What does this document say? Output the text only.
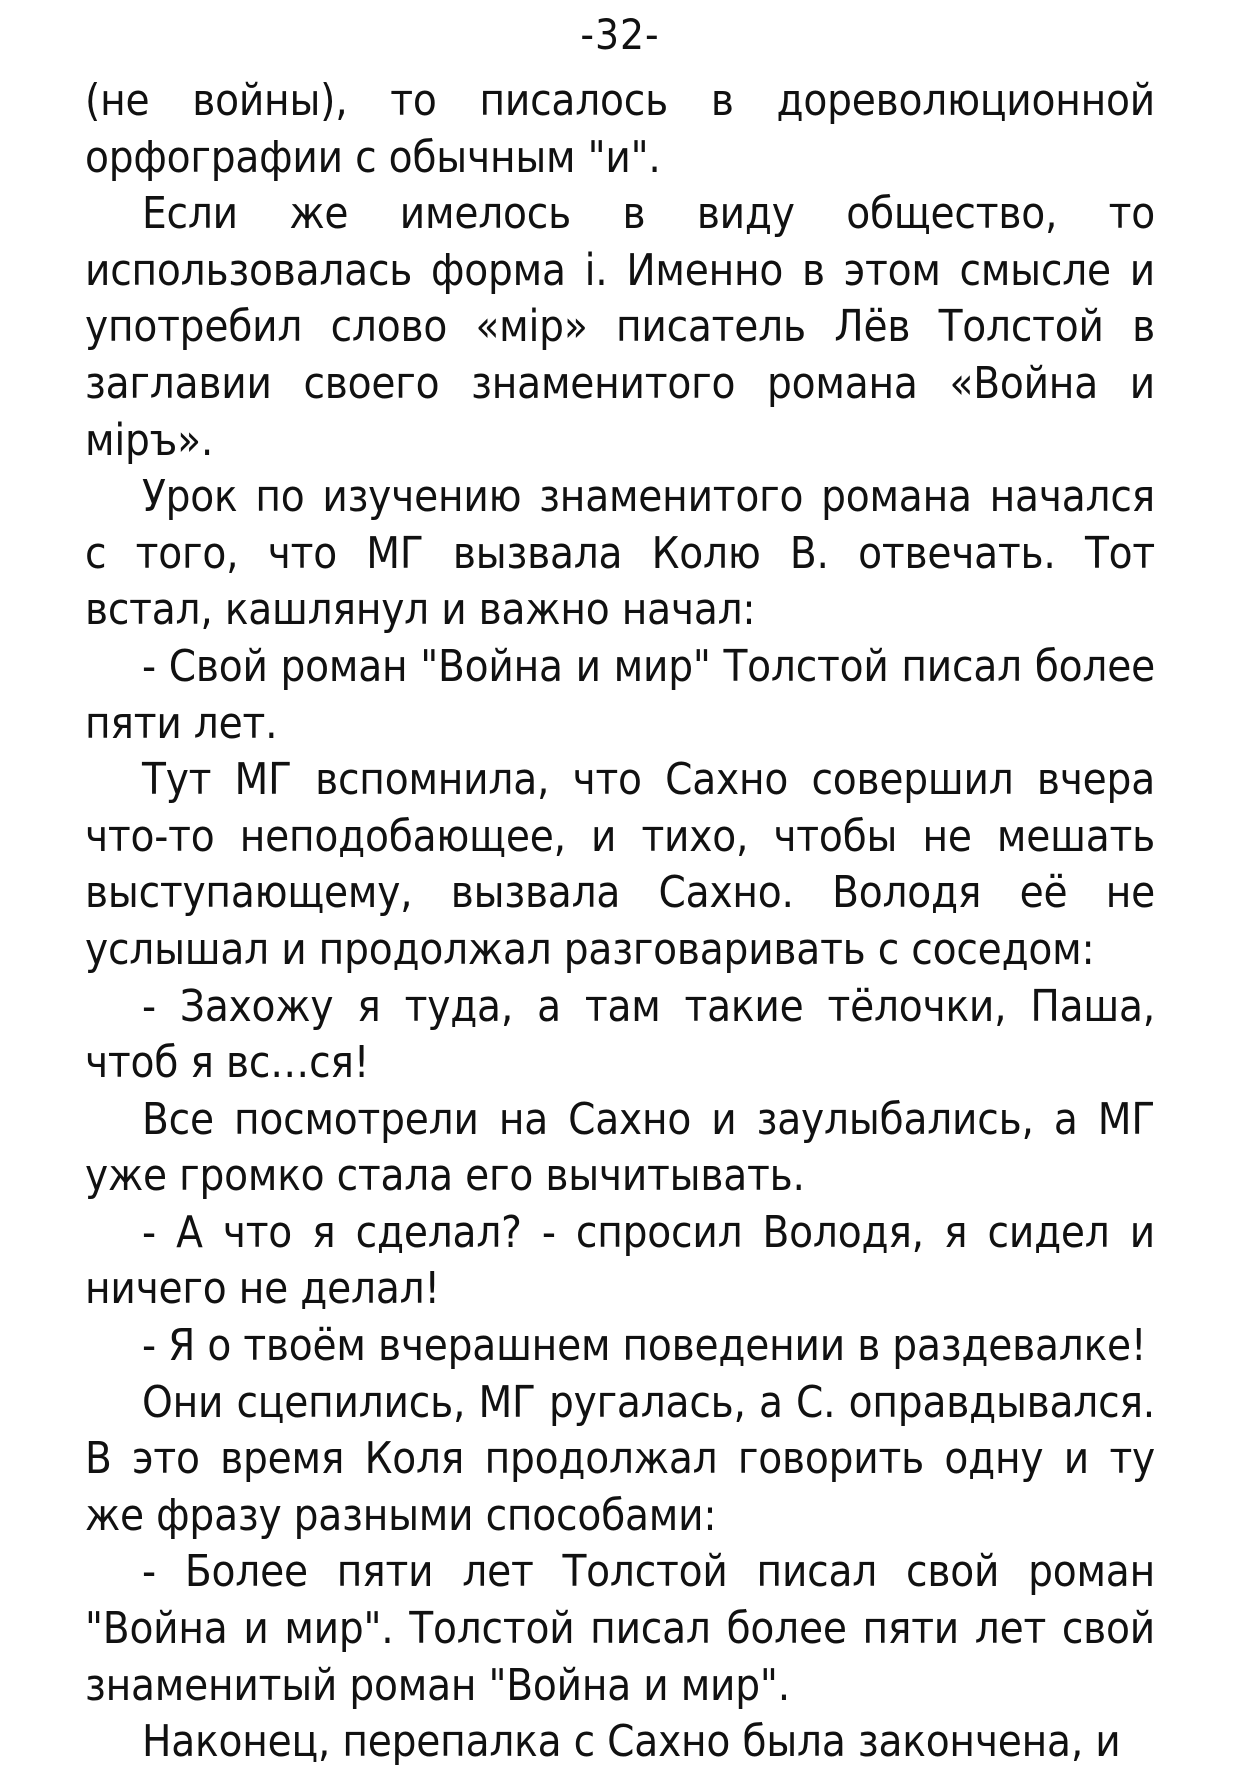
-32-

(не войны), то писалось в дореволюционной орфографии с обычным "и".

Если же имелось в виду общество, то использовалась форма і. Именно в этом смысле и употребил слово «мір» писатель Лёв Толстой в заглавии своего знаменитого романа «Война и міръ».

Урок по изучению знаменитого романа начался с того, что МГ вызвала Колю В. отвечать. Тот встал, кашлянул и важно начал:

- Свой роман "Война и мир" Толстой писал более пяти лет.

Тут МГ вспомнила, что Сахно совершил вчера что-то неподобающее, и тихо, чтобы не мешать выступающему, вызвала Сахно. Володя её не услышал и продолжал разговаривать с соседом:

- Захожу я туда, а там такие тёлочки, Паша, чтоб я вс…ся!

Все посмотрели на Сахно и заулыбались, а МГ уже громко стала его вычитывать.

- А что я сделал? - спросил Володя, я сидел и ничего не делал!

- Я о твоём вчерашнем поведении в раздевалке!

Они сцепились, МГ ругалась, а С. оправдывался. В это время Коля продолжал говорить одну и ту же фразу разными способами:

- Более пяти лет Толстой писал свой роман "Война и мир". Толстой писал более пяти лет свой знаменитый роман "Война и мир".

Наконец, перепалка с Сахно была закончена, и
